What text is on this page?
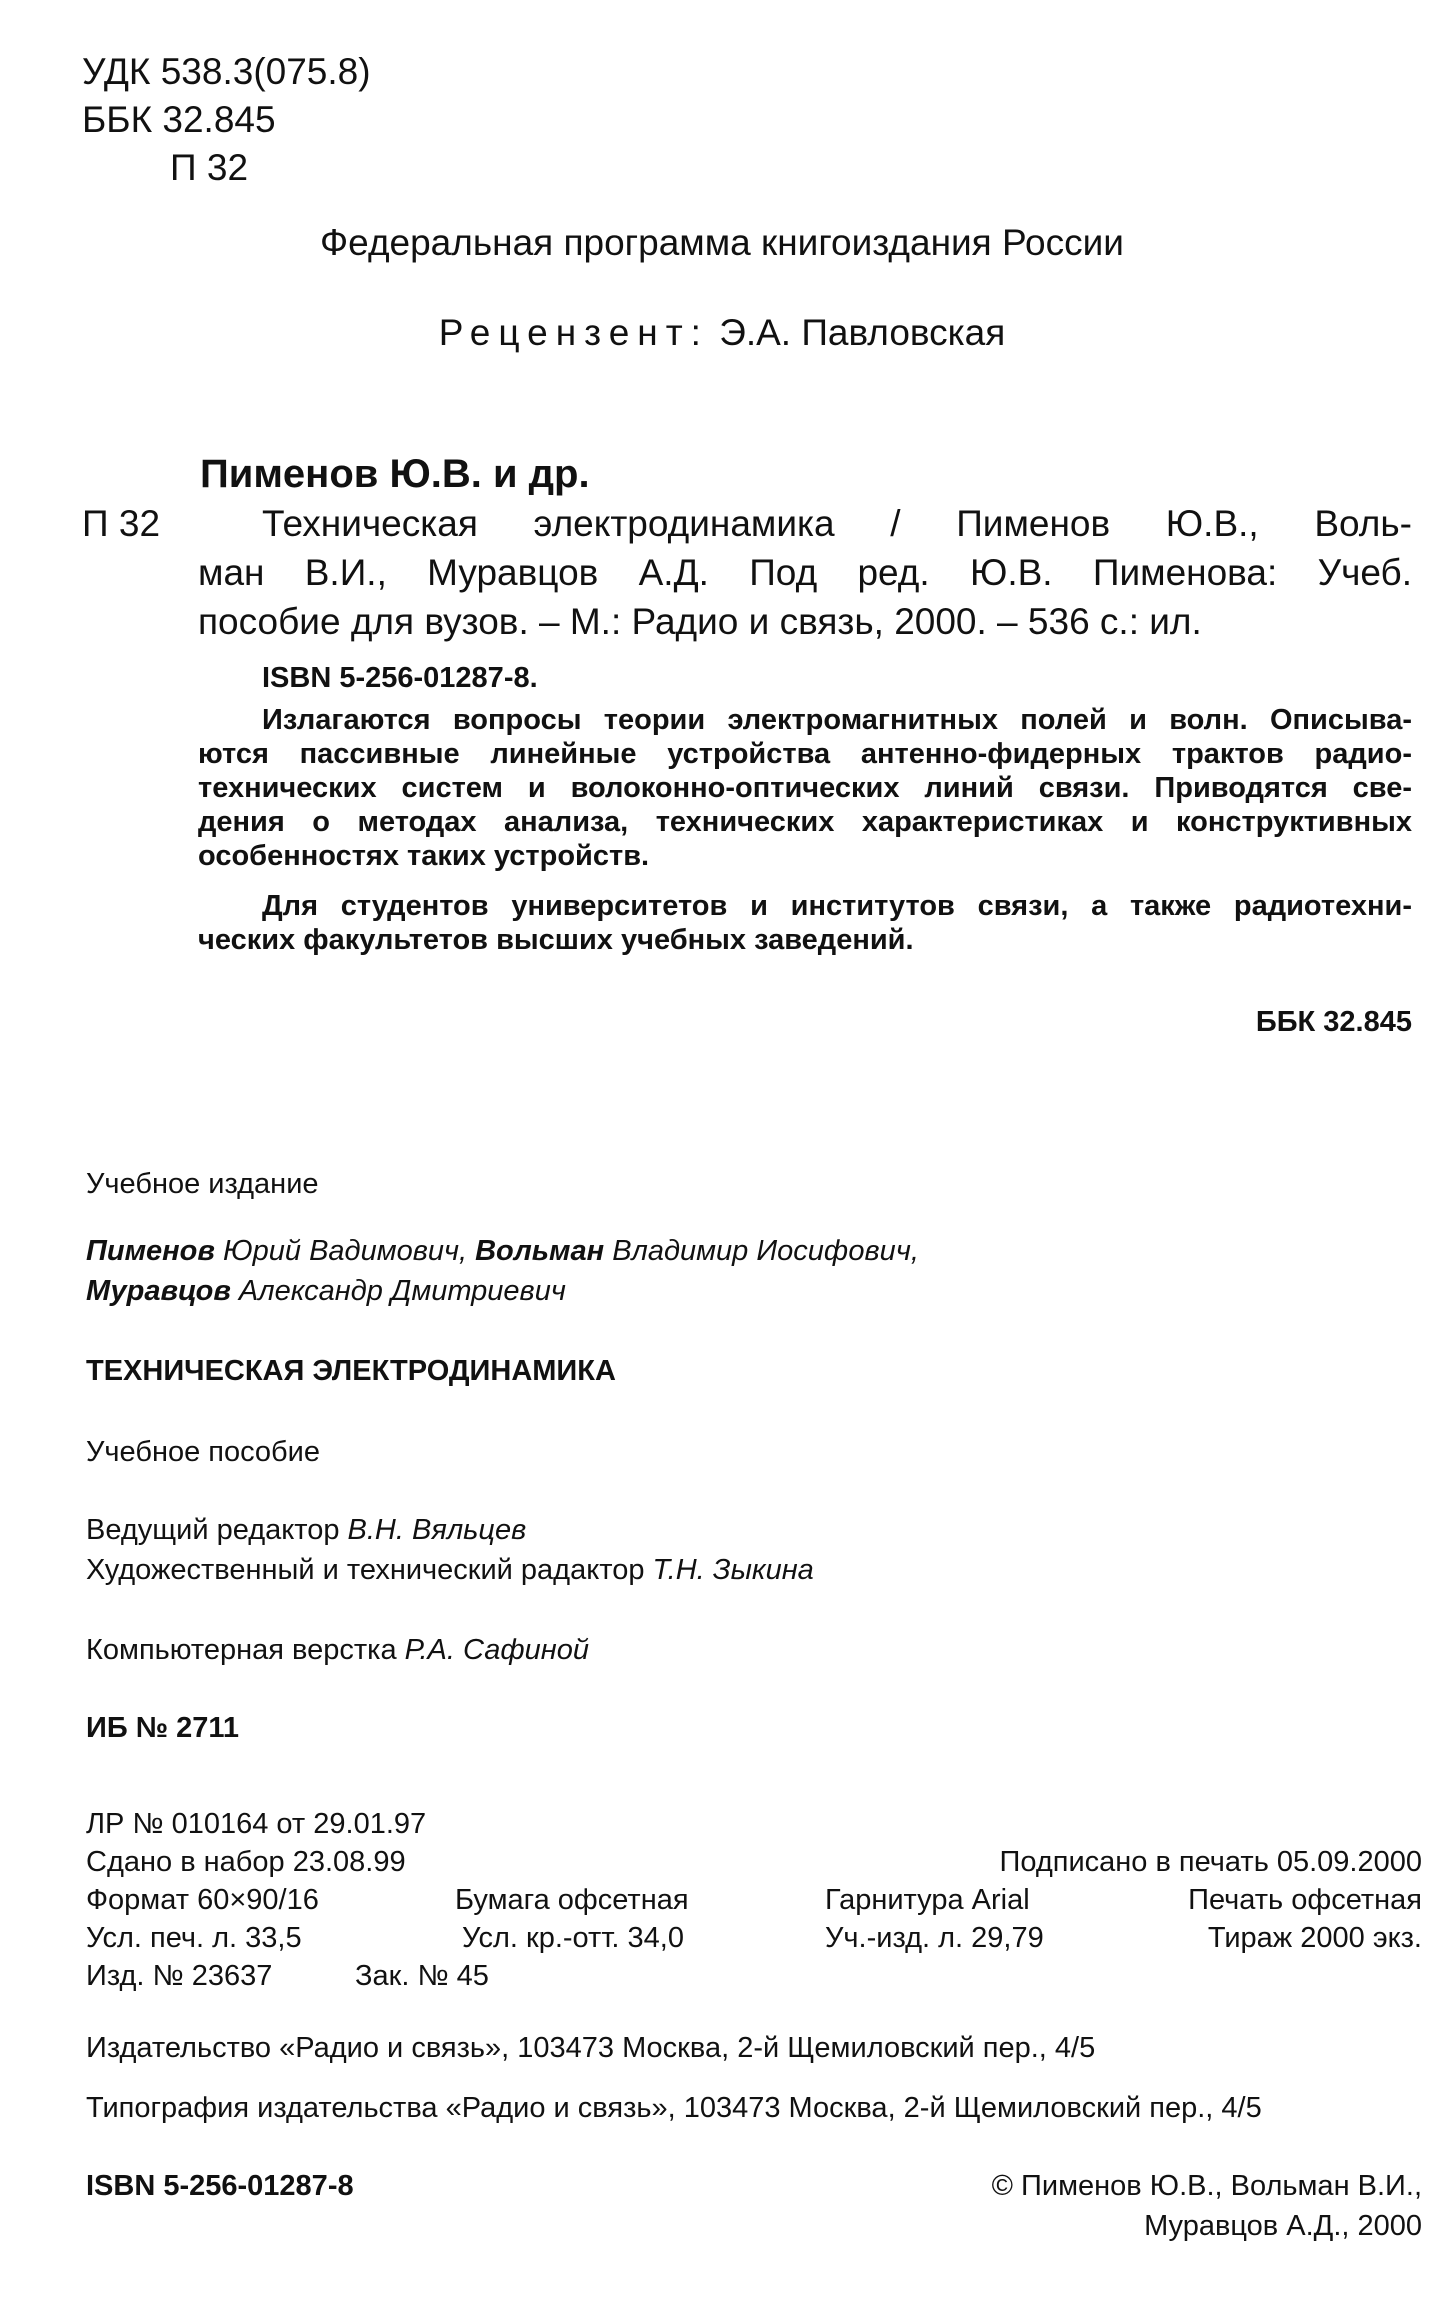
УДК 538.3(075.8)
ББК 32.845
П 32
Федеральная программа книгоиздания России
Рецензент: Э.А. Павловская
Пименов Ю.В. и др.
П 32	Техническая электродинамика / Пименов Ю.В., Воль-
ман В.И., Муравцов А.Д. Под ред. Ю.В. Пименова: Учеб.
пособие для вузов. – М.: Радио и связь, 2000. – 536 с.: ил.
ISBN 5-256-01287-8.
Излагаются вопросы теории электромагнитных полей и волн. Описыва-
ются пассивные линейные устройства антенно-фидерных трактов радио-
технических систем и волоконно-оптических линий связи. Приводятся све-
дения о методах анализа, технических характеристиках и конструктивных
особенностях таких устройств.
Для студентов университетов и институтов связи, а также радиотехни-
ческих факультетов высших учебных заведений.
ББК 32.845
Учебное издание
Пименов Юрий Вадимович, Вольман Владимир Иосифович,
Муравцов Александр Дмитриевич
ТЕХНИЧЕСКАЯ ЭЛЕКТРОДИНАМИКА
Учебное пособие
Ведущий редактор В.Н. Вяльцев
Художественный и технический радактор Т.Н. Зыкина
Компьютерная верстка Р.А. Сафиной
ИБ № 2711
ЛР № 010164 от 29.01.97
Сдано в набор 23.08.99	Подписано в печать 05.09.2000
Формат 60×90/16	Бумага офсетная	Гарнитура Arial	Печать офсетная
Усл. печ. л. 33,5	Усл. кр.-отт. 34,0	Уч.-изд. л. 29,79	Тираж 2000 экз.
Изд. № 23637	Зак. № 45
Издательство «Радио и связь», 103473 Москва, 2-й Щемиловский пер., 4/5
Типография издательства «Радио и связь», 103473 Москва, 2-й Щемиловский пер., 4/5
ISBN 5-256-01287-8	© Пименов Ю.В., Вольман В.И.,
Муравцов А.Д., 2000
